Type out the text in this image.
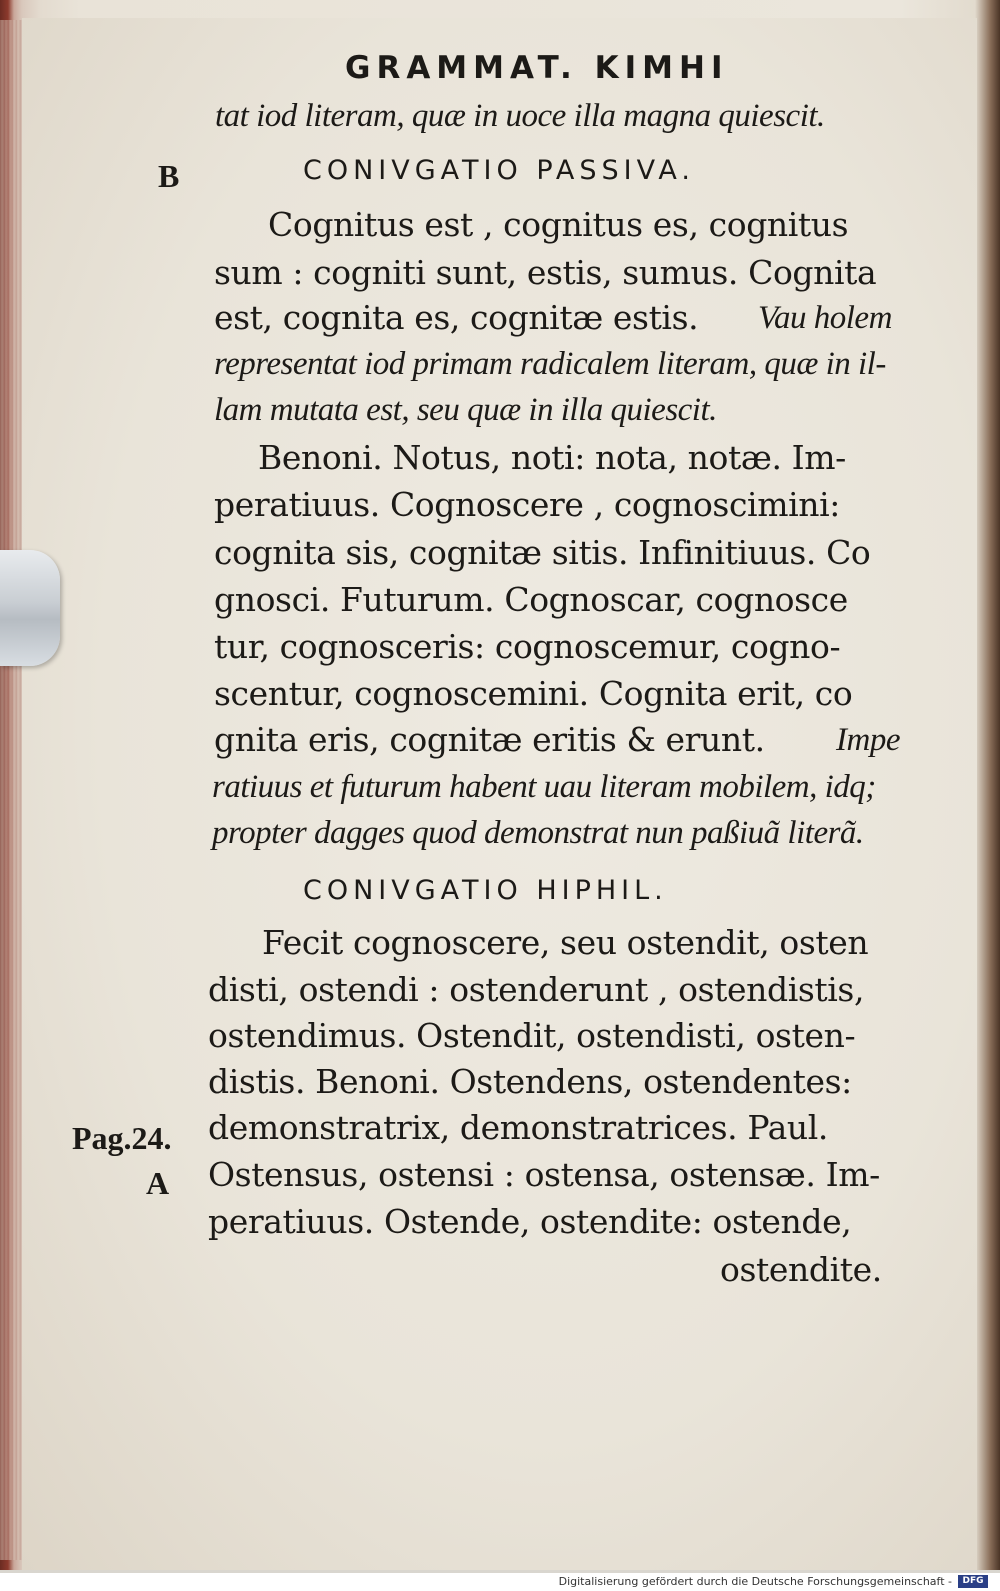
GRAMMAT. KIMHI
B
Pag.24.
A
tat iod literam, quæ in uoce illa magna quiescit.
CONIVGATIO PASSIVA.
Cognitus est , cognitus es, cognitus
sum : cogniti sunt, estis, sumus. Cognita
est, cognita es, cognitæ estis. Vau holem
representat iod primam radicalem literam, quæ in il-
lam mutata est, seu quæ in illa quiescit.
Benoni. Notus, noti: nota, notæ. Im-
peratiuus. Cognoscere , cognoscimini:
cognita sis, cognitæ sitis. Infinitiuus. Co
gnosci. Futurum. Cognoscar, cognosce
tur, cognosceris: cognoscemur, cogno-
scentur, cognoscemini. Cognita erit, co
gnita eris, cognitæ eritis & erunt. Impe
ratiuus et futurum habent uau literam mobilem, idq;
propter dagges quod demonstrat nun paßiuã literã.
CONIVGATIO HIPHIL.
Fecit cognoscere, seu ostendit, osten
disti, ostendi : ostenderunt , ostendistis,
ostendimus. Ostendit, ostendisti, osten-
distis. Benoni. Ostendens, ostendentes:
demonstratrix, demonstratrices. Paul.
Ostensus, ostensi : ostensa, ostensæ. Im-
peratiuus. Ostende, ostendite: ostende,
ostendite.
Digitalisierung gefördert durch die Deutsche Forschungsgemeinschaft -	DFG
